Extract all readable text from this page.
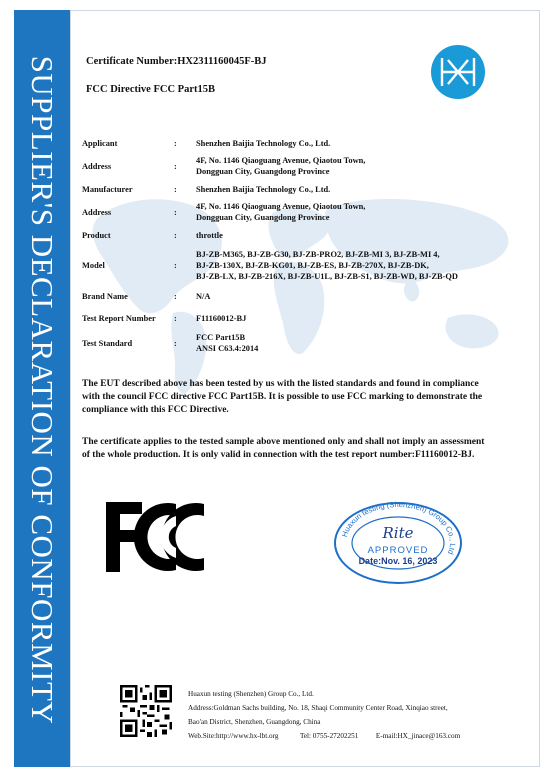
SUPPLIER'S DECLARATION OF CONFORMITY Certificate Number:HX2311160045F-BJ
FCC Directive FCC Part15B
Applicant	:	Shenzhen Baijia Technology Co., Ltd.
Address	:	4F, No. 1146 Qiaoguang Avenue, Qiaotou Town,
Dongguan City, Guangdong Province
Manufacturer	:	Shenzhen Baijia Technology Co., Ltd.
Address	:	4F, No. 1146 Qiaoguang Avenue, Qiaotou Town,
Dongguan City, Guangdong Province
Product	:	throttle
Model	:	BJ-ZB-M365, BJ-ZB-G30, BJ-ZB-PRO2, BJ-ZB-MI 3, BJ-ZB-MI 4,
BJ-ZB-130X, BJ-ZB-KG01, BJ-ZB-ES, BJ-ZB-270X, BJ-ZB-DK,
BJ-ZB-LX, BJ-ZB-216X, BJ-ZB-U1L, BJ-ZB-S1, BJ-ZB-WD, BJ-ZB-QD
Brand Name	:	N/A
Test Report Number	:	F11160012-BJ
Test Standard	:	FCC Part15B
ANSI C63.4:2014
The EUT described above has been tested by us with the listed standards and found in compliance with the council FCC directive FCC Part15B. It is possible to use FCC marking to demonstrate the compliance with this FCC Directive.
The certificate applies to the tested sample above mentioned only and shall not imply an assessment of the whole production. It is only valid in connection with the test report number:F11160012-BJ.
Huaxun testing (Shenzhen) Group Co., Ltd
Rite
APPROVED
Date:Nov. 16, 2023
Huaxun testing (Shenzhen) Group Co., Ltd.
Address:Goldman Sachs building, No. 18, Shaqi Community Center Road, Xinqiao street,
Bao'an District, Shenzhen, Guangdong, China
Web.Site:http://www.hx-lbt.org	Tel: 0755-27202251 E-mail:HX_jinace@163.com
